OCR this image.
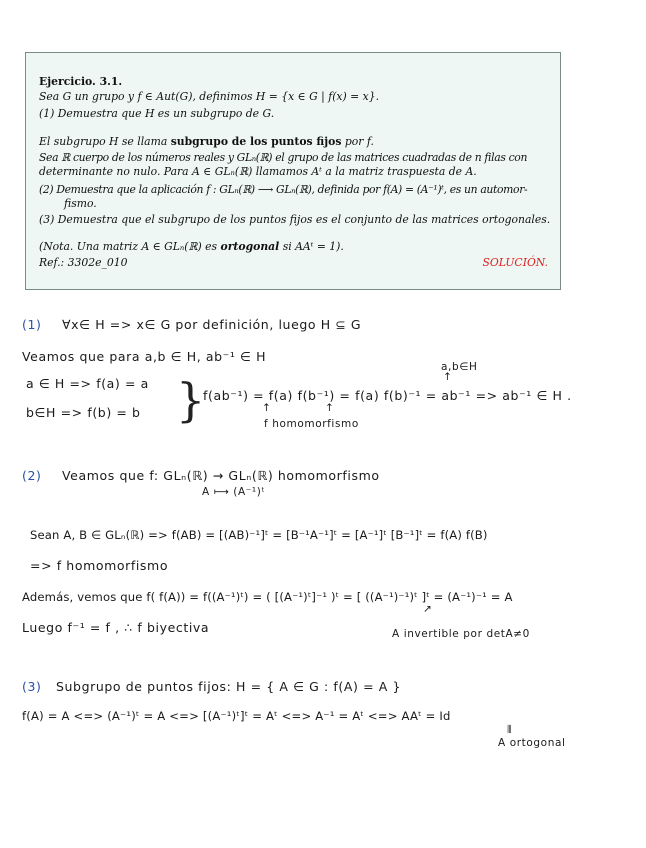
Ejercicio. 3.1.
Sea G un grupo y f ∈ Aut(G), definimos H = {x ∈ G | f(x) = x}.
(1) Demuestra que H es un subgrupo de G.
El subgrupo H se llama subgrupo de los puntos fijos por f.
Sea ℝ cuerpo de los números reales y GLₙ(ℝ) el grupo de las matrices cuadradas de n filas con
determinante no nulo. Para A ∈ GLₙ(ℝ) llamamos Aᵗ a la matriz traspuesta de A.
(2) Demuestra que la aplicación f : GLₙ(ℝ) ⟶ GLₙ(ℝ), definida por f(A) = (A⁻¹)ᵗ, es un automor-
fismo.
(3) Demuestra que el subgrupo de los puntos fijos es el conjunto de las matrices ortogonales.
(Nota. Una matriz A ∈ GLₙ(ℝ) es ortogonal si AAᵗ = 1).
Ref.: 3302e_010	SOLUCIÓN.
(1) ∀x∈ H => x∈ G por definición, luego H ⊆ G
Veamos que para a,b ∈ H, ab⁻¹ ∈ H
a,b∈H
↑
a ∈ H => f(a) = a
b∈H => f(b) = b }
f(ab⁻¹) = f(a) f(b⁻¹) = f(a) f(b)⁻¹ = ab⁻¹ => ab⁻¹ ∈ H .
↑	↑
f homomorfismo
(2) Veamos que f: GLₙ(ℝ) → GLₙ(ℝ) homomorfismo
A ⟼ (A⁻¹)ᵗ
Sean A, B ∈ GLₙ(ℝ) => f(AB) = [(AB)⁻¹]ᵗ = [B⁻¹A⁻¹]ᵗ = [A⁻¹]ᵗ [B⁻¹]ᵗ = f(A) f(B)
=> f homomorfismo
Además, vemos que f( f(A)) = f((A⁻¹)ᵗ) = ( [(A⁻¹)ᵗ]⁻¹ )ᵗ = [ ((A⁻¹)⁻¹)ᵗ ]ᵗ = (A⁻¹)⁻¹ = A
↗
Luego f⁻¹ = f , ∴ f biyectiva	A invertible por detA≠0
(3) Subgrupo de puntos fijos: H = { A ∈ G : f(A) = A }
f(A) = A <=> (A⁻¹)ᵗ = A <=> [(A⁻¹)ᵗ]ᵗ = Aᵗ <=> A⁻¹ = Aᵗ <=> AAᵗ = Id
⦀
A ortogonal
